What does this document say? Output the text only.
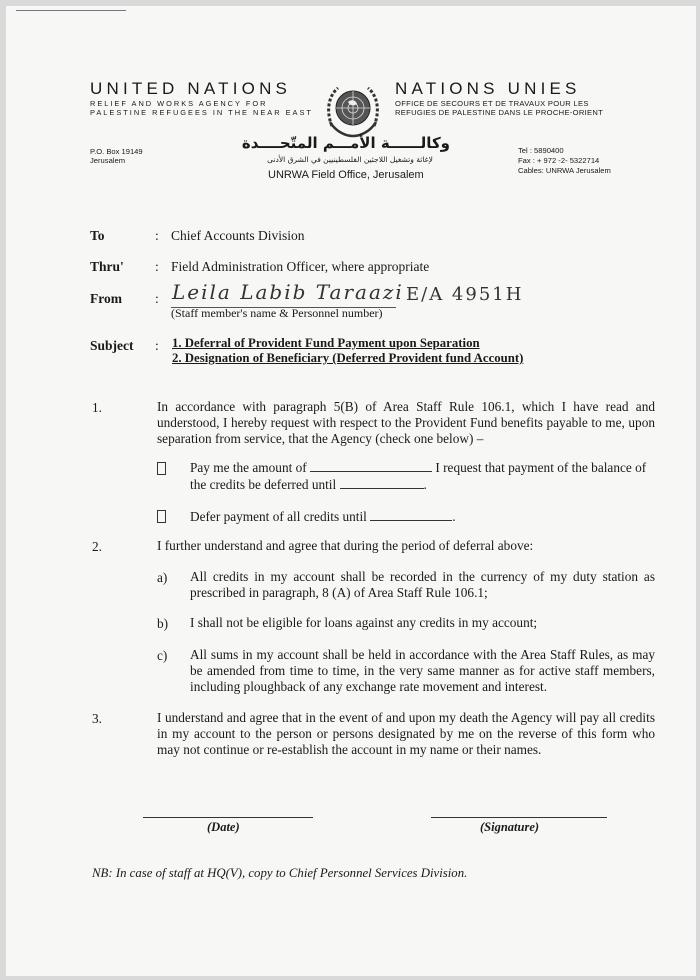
UNITED NATIONS
RELIEF AND WORKS AGENCY FOR
PALESTINE REFUGEES IN THE NEAR EAST
NATIONS UNIES
OFFICE DE SECOURS ET DE TRAVAUX POUR LES
REFUGIES DE PALESTINE DANS LE PROCHE-ORIENT
وكالــــــة الأمـــم المتّحــــدة
لإغاثة وتشغيل اللاجئين الفلسطينيين في الشرق الأدنى
UNRWA Field Office, Jerusalem
P.O. Box 19149
Jerusalem
Tel : 5890400
Fax : + 972 -2- 5322714
Cables: UNRWA Jerusalem
To	: Chief Accounts Division
Thru' : Field Administration Officer, where appropriate
From : Leila Labib Taraazi E/A 4951H
(Staff member's name & Personnel number)
Subject : 1. Deferral of Provident Fund Payment upon Separation
2. Designation of Beneficiary (Deferred Provident fund Account)
1.	In accordance with paragraph 5(B) of Area Staff Rule 106.1, which I have read and understood, I hereby request with respect to the Provident Fund benefits payable to me, upon separation from service, that the Agency (check one below) –
Pay me the amount of	I request that payment of the balance of
the credits be deferred until	.
Defer payment of all credits until	.
2.	I further understand and agree that during the period of deferral above:
a) All credits in my account shall be recorded in the currency of my duty station as prescribed in paragraph, 8 (A) of Area Staff Rule 106.1;
b) I shall not be eligible for loans against any credits in my account;
c) All sums in my account shall be held in accordance with the Area Staff Rules, as may be amended from time to time, in the very same manner as for active staff members, including ploughback of any exchange rate movement and interest.
3.	I understand and agree that in the event of and upon my death the Agency will pay all credits in my account to the person or persons designated by me on the reverse of this form who may not continue or re-establish the account in my name or their names.
(Date)	(Signature)
NB: In case of staff at HQ(V), copy to Chief Personnel Services Division.
